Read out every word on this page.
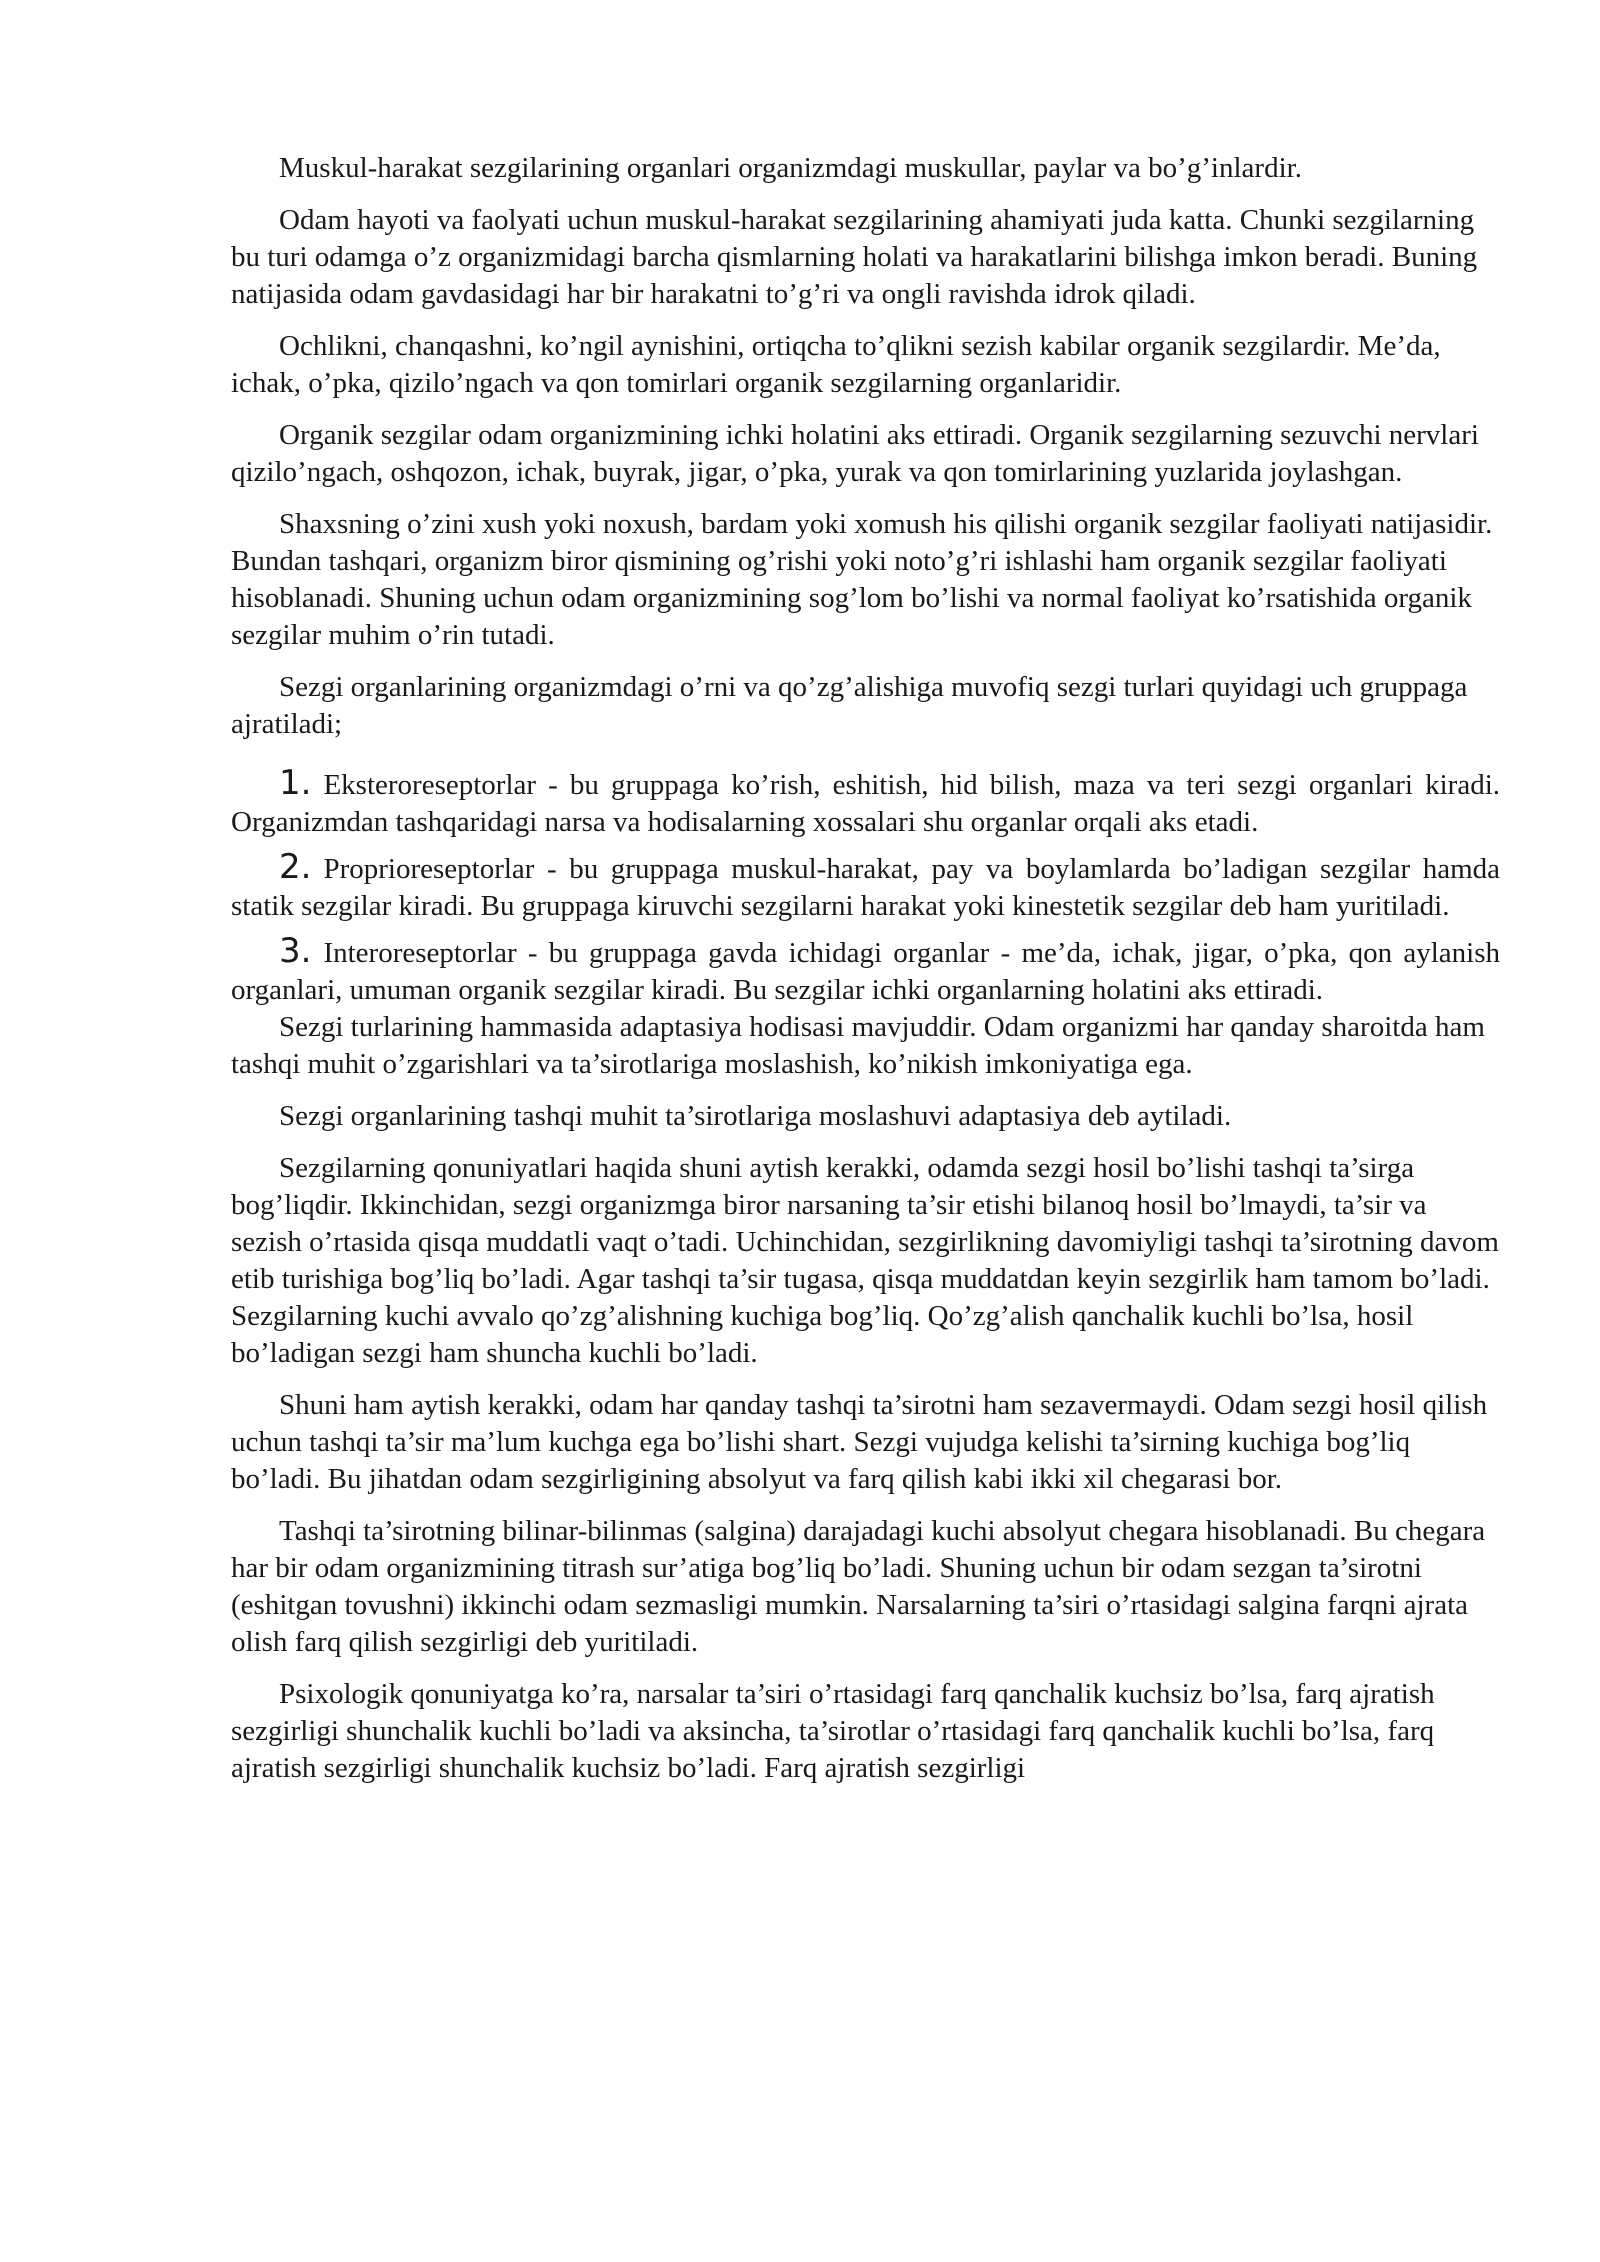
Muskul-harakat sezgilarining organlari organizmdagi muskullar, paylar va bo’g’inlardir.

Odam hayoti va faolyati uchun muskul-harakat sezgilarining ahamiyati juda katta. Chunki sezgilarning bu turi odamga o’z organizmidagi barcha qismlarning holati va harakatlarini bilishga imkon beradi. Buning natijasida odam gavdasidagi har bir harakatni to’g’ri va ongli ravishda idrok qiladi.

Ochlikni, chanqashni, ko’ngil aynishini, ortiqcha to’qlikni sezish kabilar organik sezgilardir. Me’da, ichak, o’pka, qizilo’ngach va qon tomirlari organik sezgilarning organlaridir.

Organik sezgilar odam organizmining ichki holatini aks ettiradi. Organik sezgilarning sezuvchi nervlari qizilo’ngach, oshqozon, ichak, buyrak, jigar, o’pka, yurak va qon tomirlarining yuzlarida joylashgan.

Shaxsning o’zini xush yoki noxush, bardam yoki xomush his qilishi organik sezgilar faoliyati natijasidir. Bundan tashqari, organizm biror qismining og’rishi yoki noto’g’ri ishlashi ham organik sezgilar faoliyati hisoblanadi. Shuning uchun odam organizmining sog’lom bo’lishi va normal faoliyat ko’rsatishida organik sezgilar muhim o’rin tutadi.

Sezgi organlarining organizmdagi o’rni va qo’zg’alishiga muvofiq sezgi turlari quyidagi uch gruppaga ajratiladi;

1. Eksteroreseptorlar - bu gruppaga ko’rish, eshitish, hid bilish, maza va teri sezgi organlari kiradi. Organizmdan tashqaridagi narsa va hodisalarning xossalari shu organlar orqali aks etadi.

2. Proprioreseptorlar - bu gruppaga muskul-harakat, pay va boylamlarda bo’ladigan sezgilar hamda statik sezgilar kiradi. Bu gruppaga kiruvchi sezgilarni harakat yoki kinestetik sezgilar deb ham yuritiladi.

3. Interoreseptorlar - bu gruppaga gavda ichidagi organlar - me’da, ichak, jigar, o’pka, qon aylanish organlari, umuman organik sezgilar kiradi. Bu sezgilar ichki organlarning holatini aks ettiradi.

Sezgi turlarining hammasida adaptasiya hodisasi mavjuddir. Odam organizmi har qanday sharoitda ham tashqi muhit o’zgarishlari va ta’sirotlariga moslashish, ko’nikish imkoniyatiga ega.

Sezgi organlarining tashqi muhit ta’sirotlariga moslashuvi adaptasiya deb aytiladi.

Sezgilarning qonuniyatlari haqida shuni aytish kerakki, odamda sezgi hosil bo’lishi tashqi ta’sirga bog’liqdir. Ikkinchidan, sezgi organizmga biror narsaning ta’sir etishi bilanoq hosil bo’lmaydi, ta’sir va sezish o’rtasida qisqa muddatli vaqt o’tadi. Uchinchidan, sezgirlikning davomiyligi tashqi ta’sirotning davom etib turishiga bog’liq bo’ladi. Agar tashqi ta’sir tugasa, qisqa muddatdan keyin sezgirlik ham tamom bo’ladi. Sezgilarning kuchi avvalo qo’zg’alishning kuchiga bog’liq. Qo’zg’alish qanchalik kuchli bo’lsa, hosil bo’ladigan sezgi ham shuncha kuchli bo’ladi.

Shuni ham aytish kerakki, odam har qanday tashqi ta’sirotni ham sezavermaydi. Odam sezgi hosil qilish uchun tashqi ta’sir ma’lum kuchga ega bo’lishi shart. Sezgi vujudga kelishi ta’sirning kuchiga bog’liq bo’ladi. Bu jihatdan odam sezgirligining absolyut va farq qilish kabi ikki xil chegarasi bor.

Tashqi ta’sirotning bilinar-bilinmas (salgina) darajadagi kuchi absolyut chegara hisoblanadi. Bu chegara har bir odam organizmining titrash sur’atiga bog’liq bo’ladi. Shuning uchun bir odam sezgan ta’sirotni (eshitgan tovushni) ikkinchi odam sezmasligi mumkin. Narsalarning ta’siri o’rtasidagi salgina farqni ajrata olish farq qilish sezgirligi deb yuritiladi.

Psixologik qonuniyatga ko’ra, narsalar ta’siri o’rtasidagi farq qanchalik kuchsiz bo’lsa, farq ajratish sezgirligi shunchalik kuchli bo’ladi va aksincha, ta’sirotlar o’rtasidagi farq qanchalik kuchli bo’lsa, farq ajratish sezgirligi shunchalik kuchsiz bo’ladi. Farq ajratish sezgirligi
